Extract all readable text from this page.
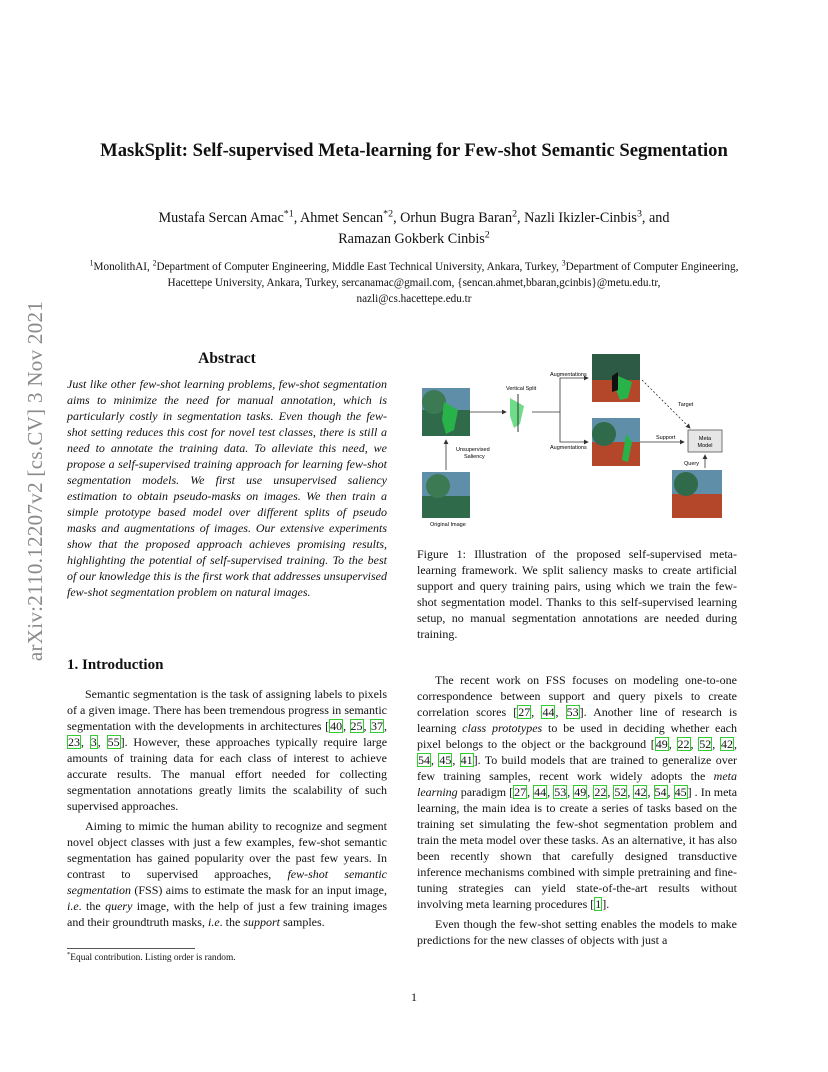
arXiv:2110.12207v2 [cs.CV] 3 Nov 2021
MaskSplit: Self-supervised Meta-learning for Few-shot Semantic Segmentation
Mustafa Sercan Amac$^{*1}$, Ahmet Sencan$^{*2}$, Orhun Bugra Baran$^2$, Nazli Ikizler-Cinbis$^3$, and
Ramazan Gokberk Cinbis$^2$
$^1$MonolithAI, $^2$Department of Computer Engineering, Middle East Technical University, Ankara, Turkey, $^3$Department of Computer Engineering, Hacettepe University, Ankara, Turkey, sercanamac@gmail.com, {sencan.ahmet,bbaran,gcinbis}@metu.edu.tr,
nazli@cs.hacettepe.edu.tr
Abstract
Just like other few-shot learning problems, few-shot segmentation aims to minimize the need for manual annotation, which is particularly costly in segmentation tasks. Even though the few-shot setting reduces this cost for novel test classes, there is still a need to annotate the training data. To alleviate this need, we propose a self-supervised training approach for learning few-shot segmentation models. We first use unsupervised saliency estimation to obtain pseudo-masks on images. We then train a simple prototype based model over different splits of pseudo masks and augmentations of images. Our extensive experiments show that the proposed approach achieves promising results, highlighting the potential of self-supervised training. To the best of our knowledge this is the first work that addresses unsupervised few-shot segmentation problem on natural images.
Meta
Model
Augmentations
Vertical Split
Target
Unsupervised
Saliency
Augmentations
Support
Query
Original Image
Figure 1: Illustration of the proposed self-supervised meta-learning framework. We split saliency masks to create artificial support and query training pairs, using which we train the few-shot segmentation model. Thanks to this self-supervised learning setup, no manual segmentation annotations are needed during training.
1. Introduction

Semantic segmentation is the task of assigning labels to pixels of a given image. There has been tremendous progress in semantic segmentation with the developments in architectures [40, 25, 37, 23, 3, 55]. However, these approaches typically require large amounts of training data for each class of interest to achieve accurate results. The manual effort needed for collecting segmentation annotations greatly limits the scalability of such supervised approaches.

Aiming to mimic the human ability to recognize and segment novel object classes with just a few examples, few-shot semantic segmentation has gained popularity over the past few years. In contrast to supervised approaches, few-shot semantic segmentation (FSS) aims to estimate the mask for an input image, i.e. the query image, with the help of just a few training images and their groundtruth masks, i.e. the support samples.

The recent work on FSS focuses on modeling one-to-one correspondence between support and query pixels to create correlation scores [27, 44, 53]. Another line of research is learning class prototypes to be used in deciding whether each pixel belongs to the object or the background [49, 22, 52, 42, 54, 45, 41]. To build models that are trained to generalize over few training samples, recent work widely adopts the meta learning paradigm [27, 44, 53, 49, 22, 52, 42, 54, 45] . In meta learning, the main idea is to create a series of tasks based on the training set simulating the few-shot segmentation problem and train the meta model over these tasks. As an alternative, it has also been recently shown that carefully designed transductive inference mechanisms combined with simple pretraining and fine-tuning strategies can yield state-of-the-art results without involving meta learning procedures [1].

Even though the few-shot setting enables the models to make predictions for the new classes of objects with just a

*Equal contribution. Listing order is random.
1
